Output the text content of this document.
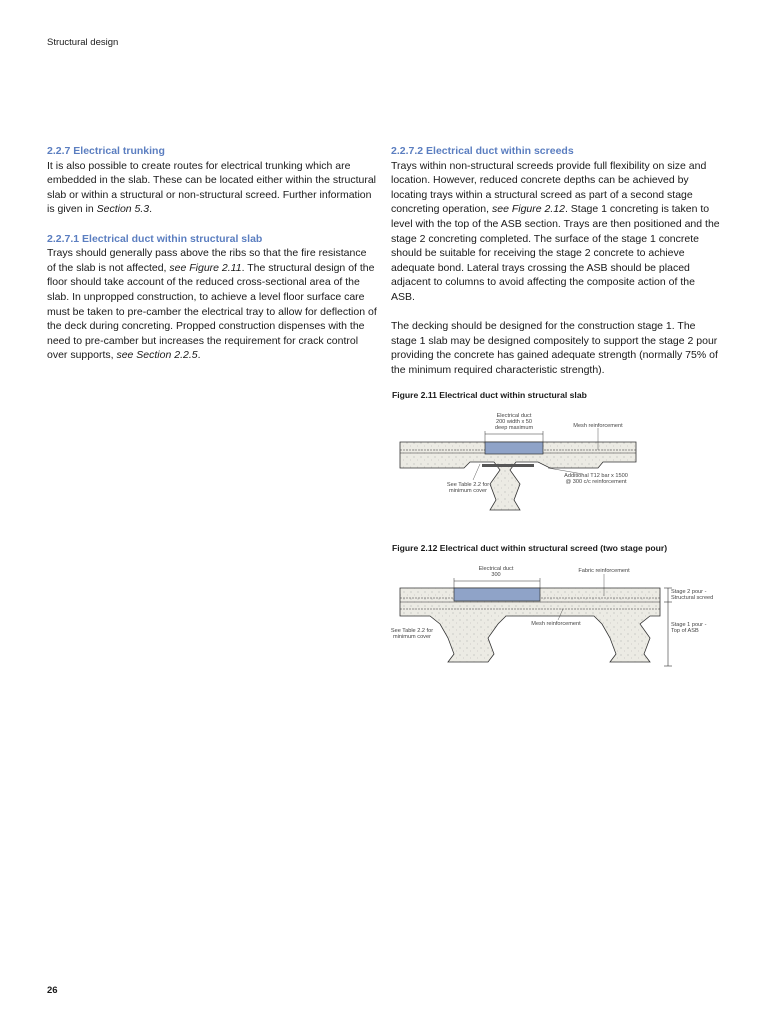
Structural design

2.2.7 Electrical trunking

It is also possible to create routes for electrical trunking which are embedded in the slab. These can be located either within the structural slab or within a structural or non-structural screed. Further information is given in Section 5.3.

2.2.7.1 Electrical duct within structural slab

Trays should generally pass above the ribs so that the fire resistance of the slab is not affected, see Figure 2.11. The structural design of the floor should take account of the reduced cross-sectional area of the slab. In unpropped construction, to achieve a level floor surface care must be taken to pre-camber the electrical tray to allow for deflection of the deck during concreting. Propped construction dispenses with the need to pre-camber but increases the requirement for crack control over supports, see Section 2.2.5.

2.2.7.2 Electrical duct within screeds

Trays within non-structural screeds provide full flexibility on size and location. However, reduced concrete depths can be achieved by locating trays within a structural screed as part of a second stage concreting operation, see Figure 2.12. Stage 1 concreting is taken to level with the top of the ASB section. Trays are then positioned and the stage 2 concreting completed. The surface of the stage 1 concrete should be suitable for receiving the stage 2 concrete to achieve adequate bond. Lateral trays crossing the ASB should be placed adjacent to columns to avoid affecting the composite action of the ASB.

The decking should be designed for the construction stage 1. The stage 1 slab may be designed compositely to support the stage 2 pour providing the concrete has gained adequate strength (normally 75% of the minimum required characteristic strength).

Figure 2.11 Electrical duct within structural slab
Electrical duct
200 width x 50
deep maximum	Mesh reinforcement
Additional T12 bar x 1500
@ 300 c/c reinforcement
See Table 2.2 for
minimum cover
Figure 2.12 Electrical duct within structural screed (two stage pour)
Electrical duct
300
Fabric reinforcement
Stage 2 pour -
Structural screed
Mesh reinforcement	Stage 1 pour -
Top of ASB
See Table 2.2 for
minimum cover
26
